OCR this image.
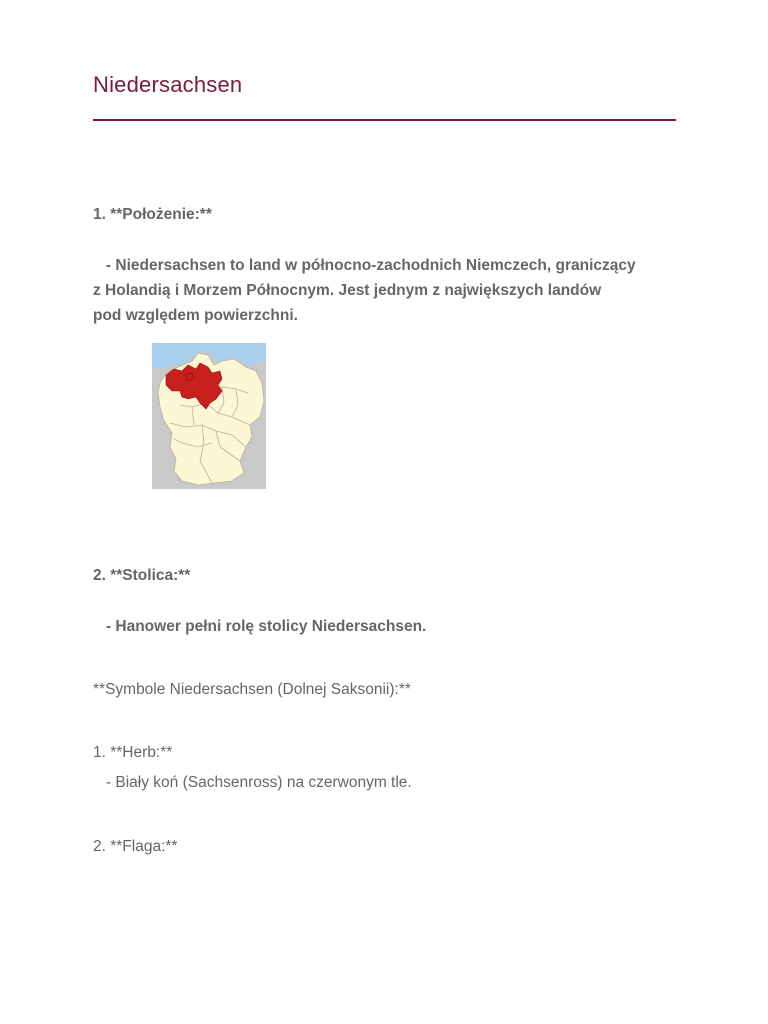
Niedersachsen
1. **Położenie:**
- Niedersachsen to land w północno-zachodnich Niemczech, graniczący
z Holandią i Morzem Północnym. Jest jednym z największych landów
pod względem powierzchni.
2. **Stolica:**
- Hanower pełni rolę stolicy Niedersachsen.
**Symbole Niedersachsen (Dolnej Saksonii):**
1. **Herb:**
- Biały koń (Sachsenross) na czerwonym tle.
2. **Flaga:**
